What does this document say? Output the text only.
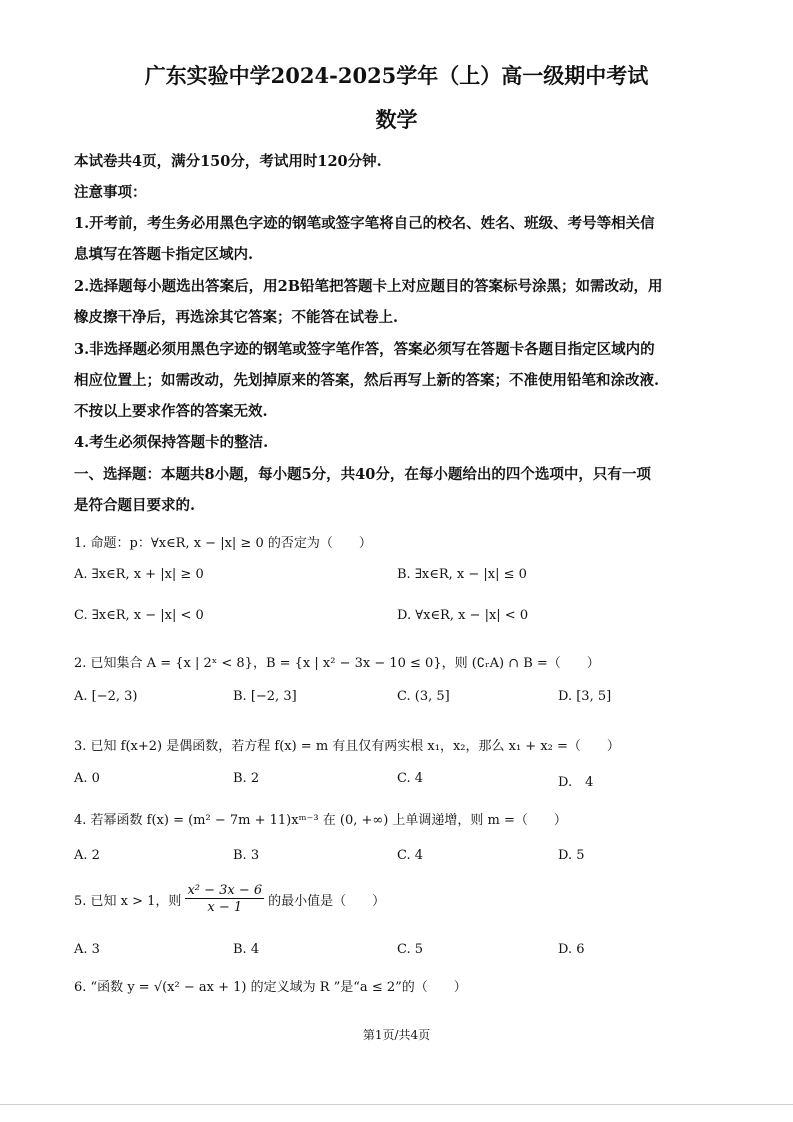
广东实验中学2024-2025学年（上）高一级期中考试
数学
本试卷共4页，满分150分，考试用时120分钟.
注意事项：
1.开考前，考生务必用黑色字迹的钢笔或签字笔将自己的校名、姓名、班级、考号等相关信
息填写在答题卡指定区域内.
2.选择题每小题选出答案后，用2B铅笔把答题卡上对应题目的答案标号涂黑；如需改动，用
橡皮擦干净后，再选涂其它答案；不能答在试卷上.
3.非选择题必须用黑色字迹的钢笔或签字笔作答，答案必须写在答题卡各题目指定区域内的
相应位置上；如需改动，先划掉原来的答案，然后再写上新的答案；不准使用铅笔和涂改液.
不按以上要求作答的答案无效.
4.考生必须保持答题卡的整洁.
一、选择题：本题共8小题，每小题5分，共40分，在每小题给出的四个选项中，只有一项
是符合题目要求的.
1. 命题：p：∀x∈R, x − |x| ≥ 0 的否定为（　　）
A. ∃x∈R, x + |x| ≥ 0	B. ∃x∈R, x − |x| ≤ 0
C. ∃x∈R, x − |x| < 0	D. ∀x∈R, x − |x| < 0
2. 已知集合 A = {x | 2ˣ < 8}，B = {x | x² − 3x − 10 ≤ 0}，则 (∁ᵣA) ∩ B =（　　）
A. [−2, 3)	B. [−2, 3]	C. (3, 5]	D. [3, 5]
3. 已知 f(x+2) 是偶函数，若方程 f(x) = m 有且仅有两实根 x₁，x₂，那么 x₁ + x₂ =（　　）
A. 0	B. 2	C. 4	D.　4
4. 若幂函数 f(x) = (m² − 7m + 11)xᵐ⁻³ 在 (0, +∞) 上单调递增，则 m =（　　）
A. 2	B. 3	C. 4	D. 5
5. 已知 x > 1，则 $\frac{\text{x² − 3x − 6}}{x - 1}$ 的最小值是（　　）
A. 3	B. 4	C. 5	D. 6
6. “函数 y = √(x² − ax + 1) 的定义域为 R ”是“a ≤ 2”的（　　）
第1页/共4页
